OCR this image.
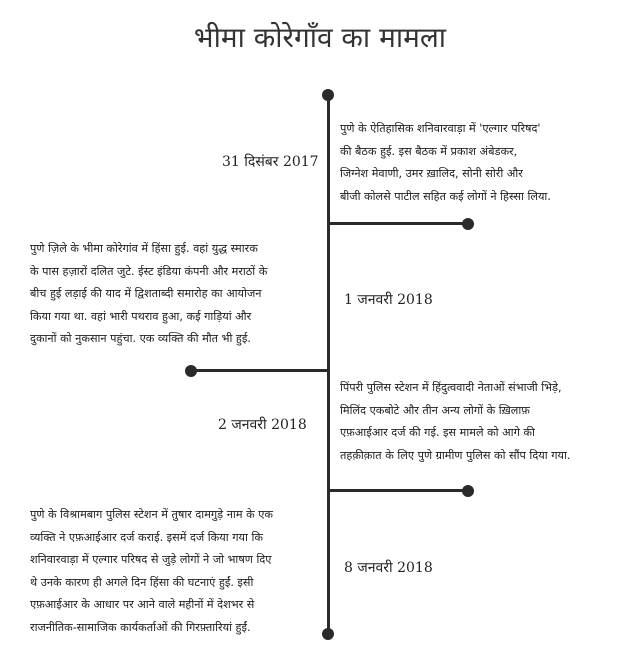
भीमा कोरेगाँव का मामला
31 दिसंबर 2017
पुणे के ऐतिहासिक शनिवारवाड़ा में 'एल्गार परिषद'
की बैठक हुई. इस बैठक में प्रकाश अंबेडकर,
जिग्नेश मेवाणी, उमर ख़ालिद, सोनी सोरी और
बीजी कोलसे पाटील सहित कई लोगों ने हिस्सा लिया.
1 जनवरी 2018
पुणे ज़िले के भीमा कोरेगांव में हिंसा हुई. वहां युद्ध स्मारक
के पास हज़ारों दलित जुटे. ईस्ट इंडिया कंपनी और मराठों के
बीच हुई लड़ाई की याद में द्विशताब्दी समारोह का आयोजन
किया गया था. वहां भारी पथराव हुआ, कई गाड़ियां और
दुकानों को नुकसान पहुंचा. एक व्यक्ति की मौत भी हुई.
2 जनवरी 2018
पिंपरी पुलिस स्टेशन में हिंदुत्ववादी नेताओं संभाजी भिड़े,
मिलिंद एकबोटे और तीन अन्य लोगों के ख़िलाफ़
एफ़आईआर दर्ज की गई. इस मामले को आगे की
तहक़ीक़ात के लिए पुणे ग्रामीण पुलिस को सौंप दिया गया.
8 जनवरी 2018
पुणे के विश्रामबाग पुलिस स्टेशन में तुषार दामगुड़े नाम के एक
व्यक्ति ने एफ़आईआर दर्ज कराई. इसमें दर्ज किया गया कि
शनिवारवाड़ा में एल्गार परिषद से जुड़े लोगों ने जो भाषण दिए
थे उनके कारण ही अगले दिन हिंसा की घटनाएं हुईं. इसी
एफ़आईआर के आधार पर आने वाले महीनों में देशभर से
राजनीतिक-सामाजिक कार्यकर्ताओं की गिरफ़्तारियां हुईं.
